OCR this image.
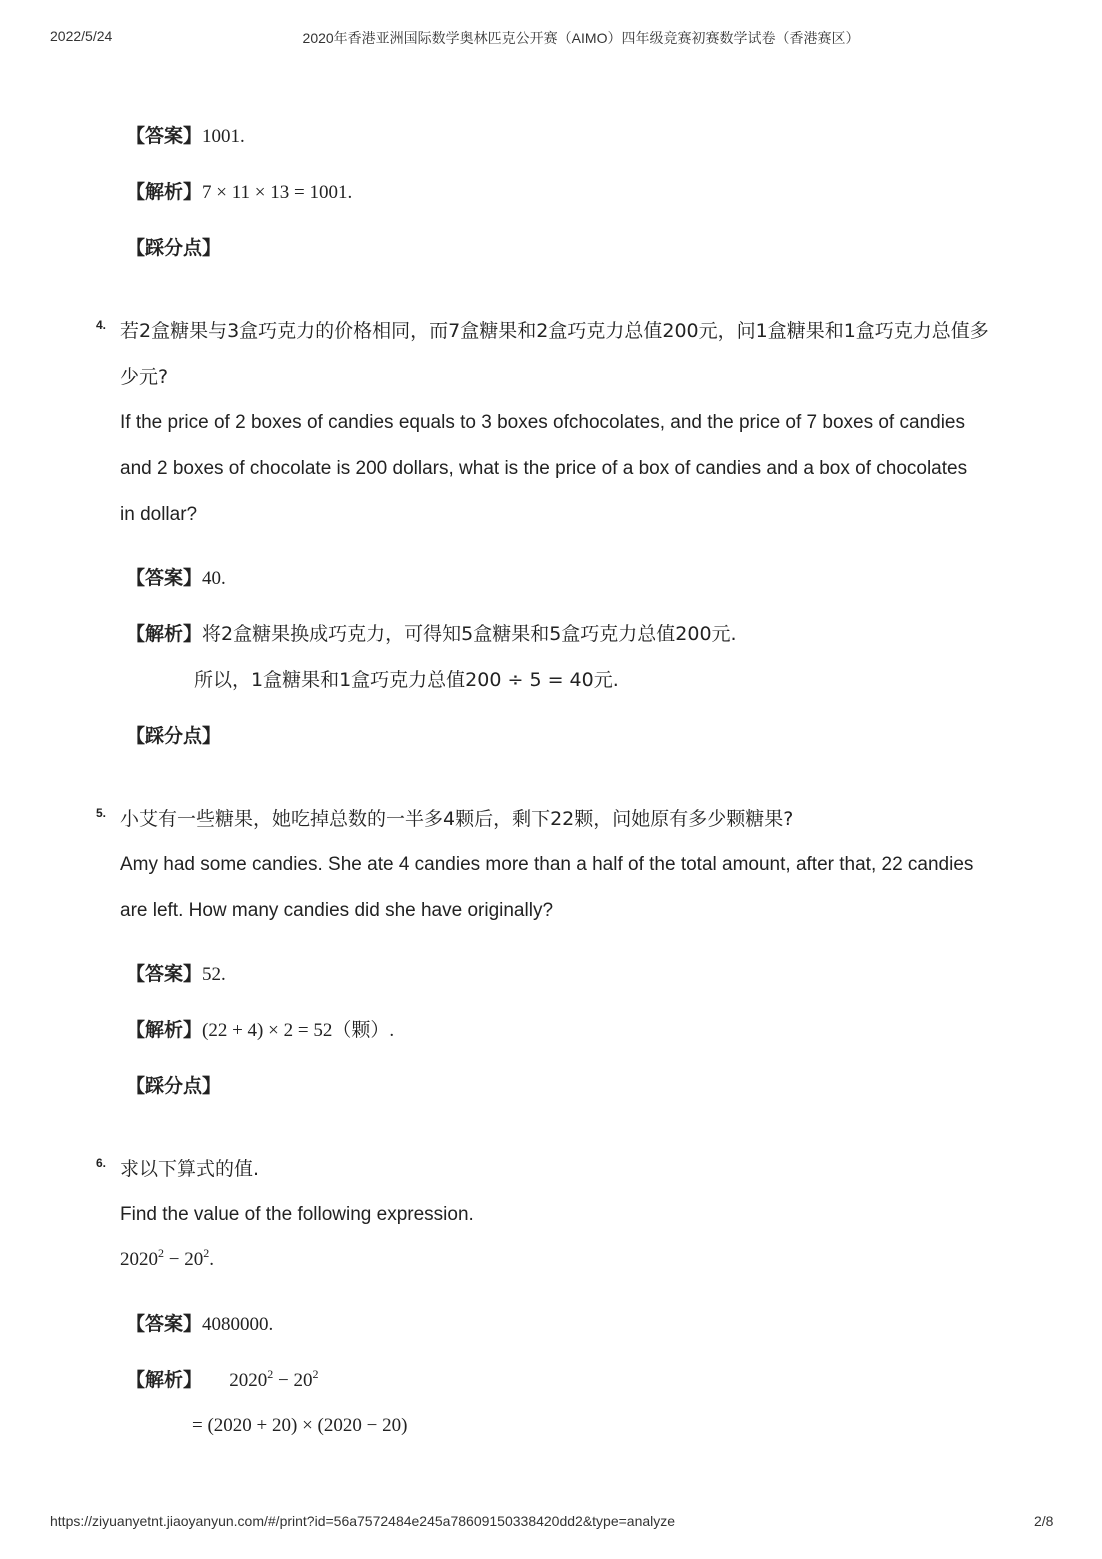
2022/5/24	2020年香港亚洲国际数学奥林匹克公开赛（AIMO）四年级竞赛初赛数学试卷（香港赛区）
【答案】1001.
【解析】7 × 11 × 13 = 1001.
【踩分点】
4. 若2盒糖果与3盒巧克力的价格相同，而7盒糖果和2盒巧克力总值200元，问1盒糖果和1盒巧克力总值多
少元?
If the price of 2 boxes of candies equals to 3 boxes ofchocolates, and the price of 7 boxes of candies
and 2 boxes of chocolate is 200 dollars, what is the price of a box of candies and a box of chocolates
in dollar?
【答案】40.
【解析】将2盒糖果换成巧克力，可得知5盒糖果和5盒巧克力总值200元.
所以，1盒糖果和1盒巧克力总值200 ÷ 5 = 40元.
【踩分点】
5. 小艾有一些糖果，她吃掉总数的一半多4颗后，剩下22颗，问她原有多少颗糖果?
Amy had some candies. She ate 4 candies more than a half of the total amount, after that, 22 candies
are left. How many candies did she have originally?
【答案】52.
【解析】(22 + 4) × 2 = 52（颗）.
【踩分点】
6. 求以下算式的值.
Find the value of the following expression.
$2020^2 - 20^2$.
【答案】4080000.
【解析】 $2020^2 - 20^2$
= (2020 + 20) × (2020 − 20)
https://ziyuanyetnt.jiaoyanyun.com/#/print?id=56a7572484e245a78609150338420dd2&type=analyze	2/8
